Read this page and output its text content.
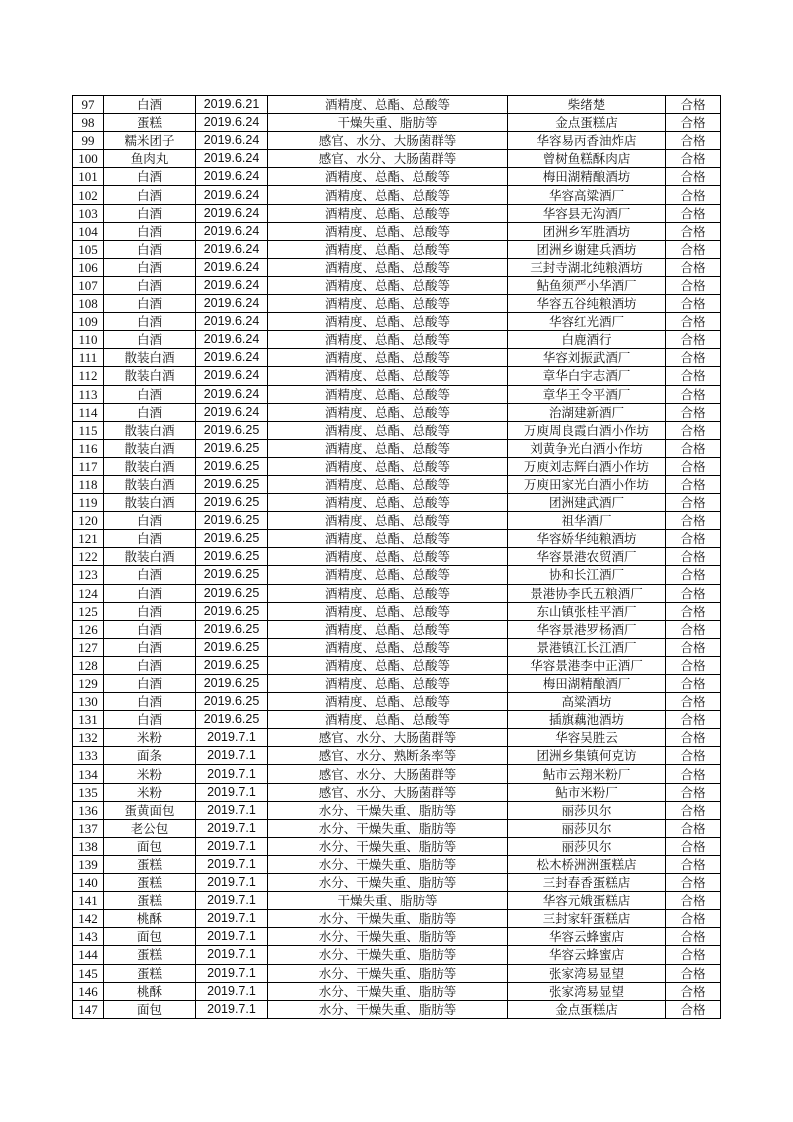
97	白酒	2019.6.21	酒精度、总酯、总酸等	柴绪楚	合格
98	蛋糕	2019.6.24	干燥失重、脂肪等	金点蛋糕店	合格
99	糯米团子	2019.6.24	感官、水分、大肠菌群等	华容易丙香油炸店	合格
100	鱼肉丸	2019.6.24	感官、水分、大肠菌群等	曾树鱼糕酥肉店	合格
101	白酒	2019.6.24	酒精度、总酯、总酸等	梅田湖精酿酒坊	合格
102	白酒	2019.6.24	酒精度、总酯、总酸等	华容高粱酒厂	合格
103	白酒	2019.6.24	酒精度、总酯、总酸等	华容县无沟酒厂	合格
104	白酒	2019.6.24	酒精度、总酯、总酸等	团洲乡军胜酒坊	合格
105	白酒	2019.6.24	酒精度、总酯、总酸等	团洲乡谢建兵酒坊	合格
106	白酒	2019.6.24	酒精度、总酯、总酸等	三封寺湖北纯粮酒坊	合格
107	白酒	2019.6.24	酒精度、总酯、总酸等	鲇鱼须严小华酒厂	合格
108	白酒	2019.6.24	酒精度、总酯、总酸等	华容五谷纯粮酒坊	合格
109	白酒	2019.6.24	酒精度、总酯、总酸等	华容红光酒厂	合格
110	白酒	2019.6.24	酒精度、总酯、总酸等	白鹿酒行	合格
111	散装白酒	2019.6.24	酒精度、总酯、总酸等	华容刘振武酒厂	合格
112	散装白酒	2019.6.24	酒精度、总酯、总酸等	章华白宇志酒厂	合格
113	白酒	2019.6.24	酒精度、总酯、总酸等	章华王令平酒厂	合格
114	白酒	2019.6.24	酒精度、总酯、总酸等	治湖建新酒厂	合格
115	散装白酒	2019.6.25	酒精度、总酯、总酸等	万庾周良霞白酒小作坊	合格
116	散装白酒	2019.6.25	酒精度、总酯、总酸等	刘黄争光白酒小作坊	合格
117	散装白酒	2019.6.25	酒精度、总酯、总酸等	万庾刘志辉白酒小作坊	合格
118	散装白酒	2019.6.25	酒精度、总酯、总酸等	万庾田家光白酒小作坊	合格
119	散装白酒	2019.6.25	酒精度、总酯、总酸等	团洲建武酒厂	合格
120	白酒	2019.6.25	酒精度、总酯、总酸等	祖华酒厂	合格
121	白酒	2019.6.25	酒精度、总酯、总酸等	华容娇华纯粮酒坊	合格
122	散装白酒	2019.6.25	酒精度、总酯、总酸等	华容景港农贸酒厂	合格
123	白酒	2019.6.25	酒精度、总酯、总酸等	协和长江酒厂	合格
124	白酒	2019.6.25	酒精度、总酯、总酸等	景港协李氏五粮酒厂	合格
125	白酒	2019.6.25	酒精度、总酯、总酸等	东山镇张桂平酒厂	合格
126	白酒	2019.6.25	酒精度、总酯、总酸等	华容景港罗杨酒厂	合格
127	白酒	2019.6.25	酒精度、总酯、总酸等	景港镇江长江酒厂	合格
128	白酒	2019.6.25	酒精度、总酯、总酸等	华容景港李中正酒厂	合格
129	白酒	2019.6.25	酒精度、总酯、总酸等	梅田湖精酿酒厂	合格
130	白酒	2019.6.25	酒精度、总酯、总酸等	高粱酒坊	合格
131	白酒	2019.6.25	酒精度、总酯、总酸等	插旗藕池酒坊	合格
132	米粉	2019.7.1	感官、水分、大肠菌群等	华容吴胜云	合格
133	面条	2019.7.1	感官、水分、熟断条率等	团洲乡集镇何克访	合格
134	米粉	2019.7.1	感官、水分、大肠菌群等	鲇市云翔米粉厂	合格
135	米粉	2019.7.1	感官、水分、大肠菌群等	鲇市米粉厂	合格
136	蛋黄面包	2019.7.1	水分、干燥失重、脂肪等	丽莎贝尔	合格
137	老公包	2019.7.1	水分、干燥失重、脂肪等	丽莎贝尔	合格
138	面包	2019.7.1	水分、干燥失重、脂肪等	丽莎贝尔	合格
139	蛋糕	2019.7.1	水分、干燥失重、脂肪等	松木桥洲洲蛋糕店	合格
140	蛋糕	2019.7.1	水分、干燥失重、脂肪等	三封春香蛋糕店	合格
141	蛋糕	2019.7.1	干燥失重、脂肪等	华容元娥蛋糕店	合格
142	桃酥	2019.7.1	水分、干燥失重、脂肪等	三封家轩蛋糕店	合格
143	面包	2019.7.1	水分、干燥失重、脂肪等	华容云蜂蜜店	合格
144	蛋糕	2019.7.1	水分、干燥失重、脂肪等	华容云蜂蜜店	合格
145	蛋糕	2019.7.1	水分、干燥失重、脂肪等	张家湾易显望	合格
146	桃酥	2019.7.1	水分、干燥失重、脂肪等	张家湾易显望	合格
147	面包	2019.7.1	水分、干燥失重、脂肪等	金点蛋糕店	合格
